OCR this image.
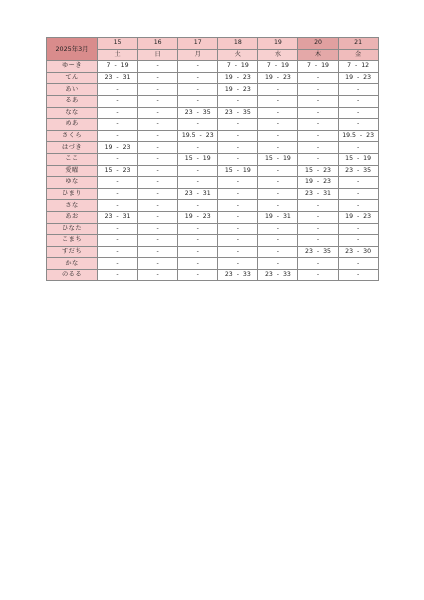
2025年3月	15	16	17	18	19	20	21
	土	日	月	火	水	木	金
ゆーき	7 - 19	-	-	7 - 19	7 - 19	7 - 19	7 - 12
てん	23 - 31	-	-	19 - 23	19 - 23	-	19 - 23
あい	-	-	-	19 - 23	-	-	-
るあ	-	-	-	-	-	-	-
なな	-	-	23 - 35	23 - 35	-	-	-
めあ	-	-	-	-	-	-	-
さくら	-	-	19.5 - 23	-	-	-	19.5 - 23
はづき	19 - 23	-	-	-	-	-	-
ここ	-	-	15 - 19	-	15 - 19	-	15 - 19
愛曜	15 - 23	-	-	15 - 19	-	15 - 23	23 - 35
ゆな	-	-	-	-	-	19 - 23	-
ひまり	-	-	23 - 31	-	-	23 - 31	-
さな	-	-	-	-	-	-	-
あお	23 - 31	-	19 - 23	-	19 - 31	-	19 - 23
ひなた	-	-	-	-	-	-	-
こまち	-	-	-	-	-	-	-
すだち	-	-	-	-	-	23 - 35	23 - 30
かな	-	-	-	-	-	-	-
のるる	-	-	-	23 - 33	23 - 33	-	-
